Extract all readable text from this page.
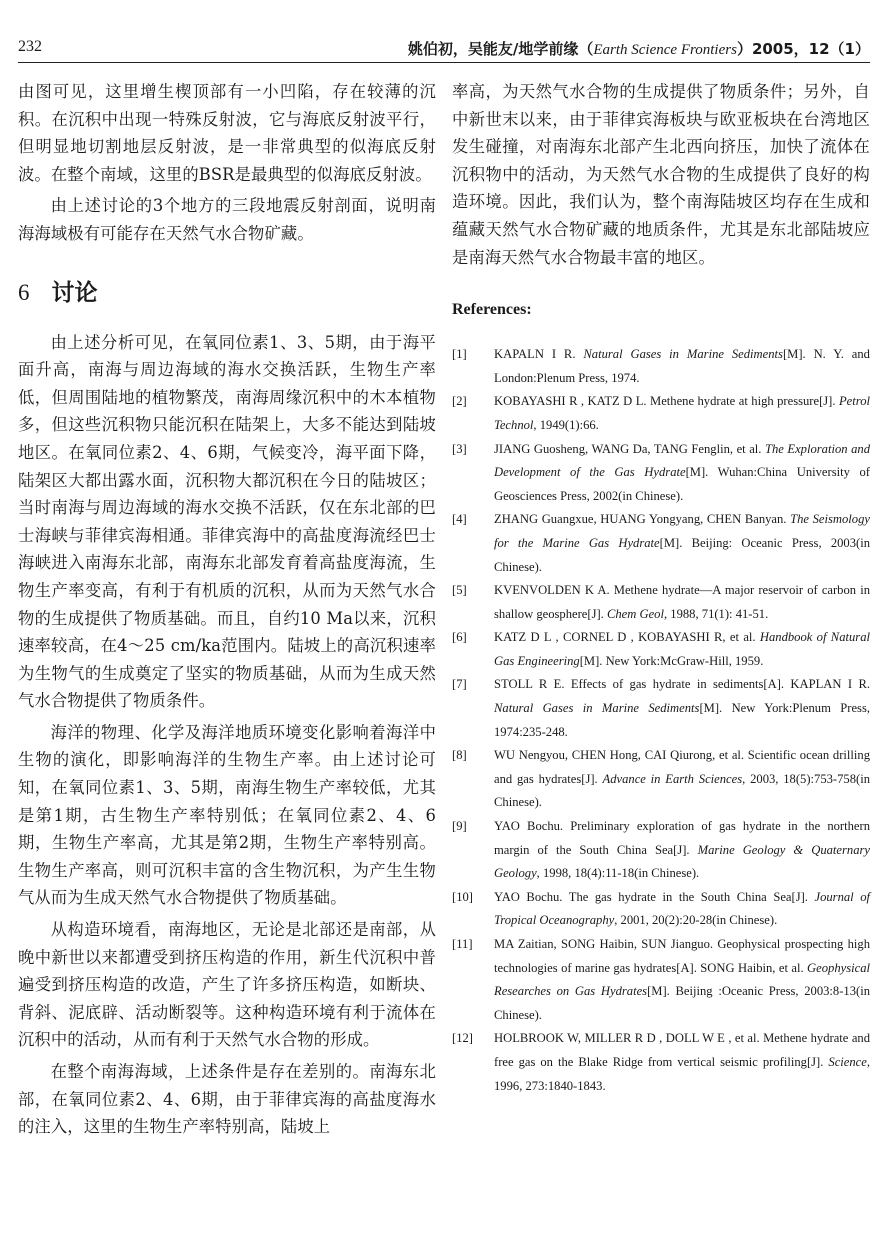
232	姚伯初，吴能友/地学前缘（Earth Science Frontiers）2005，12（1）

由图可见，这里增生楔顶部有一小凹陷，存在较薄的沉积。在沉积中出现一特殊反射波，它与海底反射波平行，但明显地切割地层反射波，是一非常典型的似海底反射波。在整个南域，这里的BSR是最典型的似海底反射波。

由上述讨论的3个地方的三段地震反射剖面，说明南海海域极有可能存在天然气水合物矿藏。

6 讨论

由上述分析可见，在氧同位素1、3、5期，由于海平面升高，南海与周边海域的海水交换活跃，生物生产率低，但周围陆地的植物繁茂，南海周缘沉积中的木本植物多，但这些沉积物只能沉积在陆架上，大多不能达到陆坡地区。在氧同位素2、4、6期，气候变冷，海平面下降，陆架区大都出露水面，沉积物大都沉积在今日的陆坡区；当时南海与周边海域的海水交换不活跃，仅在东北部的巴士海峡与菲律宾海相通。菲律宾海中的高盐度海流经巴士海峡进入南海东北部，南海东北部发育着高盐度海流，生物生产率变高，有利于有机质的沉积，从而为天然气水合物的生成提供了物质基础。而且，自约10 Ma以来，沉积速率较高，在4～25 cm/ka范围内。陆坡上的高沉积速率为生物气的生成奠定了坚实的物质基础，从而为生成天然气水合物提供了物质条件。

海洋的物理、化学及海洋地质环境变化影响着海洋中生物的演化，即影响海洋的生物生产率。由上述讨论可知，在氧同位素1、3、5期，南海生物生产率较低，尤其是第1期，古生物生产率特别低；在氧同位素2、4、6期，生物生产率高，尤其是第2期，生物生产率特别高。生物生产率高，则可沉积丰富的含生物沉积，为产生生物气从而为生成天然气水合物提供了物质基础。

从构造环境看，南海地区，无论是北部还是南部，从晚中新世以来都遭受到挤压构造的作用，新生代沉积中普遍受到挤压构造的改造，产生了许多挤压构造，如断块、背斜、泥底辟、活动断裂等。这种构造环境有利于流体在沉积中的活动，从而有利于天然气水合物的形成。

在整个南海海域，上述条件是存在差别的。南海东北部，在氧同位素2、4、6期，由于菲律宾海的高盐度海水的注入，这里的生物生产率特别高，陆坡上

率高，为天然气水合物的生成提供了物质条件；另外，自中新世末以来，由于菲律宾海板块与欧亚板块在台湾地区发生碰撞，对南海东北部产生北西向挤压，加快了流体在沉积物中的活动，为天然气水合物的生成提供了良好的构造环境。因此，我们认为，整个南海陆坡区均存在生成和蕴藏天然气水合物矿藏的地质条件，尤其是东北部陆坡应是南海天然气水合物最丰富的地区。

References:
[1]	KAPALN I R. Natural Gases in Marine Sediments[M]. N. Y. and London:Plenum Press, 1974.
[2]	KOBAYASHI R , KATZ D L. Methene hydrate at high pressure[J]. Petrol Technol, 1949(1):66.
[3]	JIANG Guosheng, WANG Da, TANG Fenglin, et al. The Exploration and Development of the Gas Hydrate[M]. Wuhan:China University of Geosciences Press, 2002(in Chinese).
[4]	ZHANG Guangxue, HUANG Yongyang, CHEN Banyan. The Seismology for the Marine Gas Hydrate[M]. Beijing: Oceanic Press, 2003(in Chinese).
[5]	KVENVOLDEN K A. Methene hydrate—A major reservoir of carbon in shallow geosphere[J]. Chem Geol, 1988, 71(1): 41-51.
[6]	KATZ D L , CORNEL D , KOBAYASHI R, et al. Handbook of Natural Gas Engineering[M]. New York:McGraw-Hill, 1959.
[7]	STOLL R E. Effects of gas hydrate in sediments[A]. KAPLAN I R. Natural Gases in Marine Sediments[M]. New York:Plenum Press, 1974:235-248.
[8]	WU Nengyou, CHEN Hong, CAI Qiurong, et al. Scientific ocean drilling and gas hydrates[J]. Advance in Earth Sciences, 2003, 18(5):753-758(in Chinese).
[9]	YAO Bochu. Preliminary exploration of gas hydrate in the northern margin of the South China Sea[J]. Marine Geology & Quaternary Geology, 1998, 18(4):11-18(in Chinese).
[10]	YAO Bochu. The gas hydrate in the South China Sea[J]. Journal of Tropical Oceanography, 2001, 20(2):20-28(in Chinese).
[11]	MA Zaitian, SONG Haibin, SUN Jianguo. Geophysical prospecting high technologies of marine gas hydrates[A]. SONG Haibin, et al. Geophysical Researches on Gas Hydrates[M]. Beijing :Oceanic Press, 2003:8-13(in Chinese).
[12]	HOLBROOK W, MILLER R D , DOLL W E , et al. Methene hydrate and free gas on the Blake Ridge from vertical seismic profiling[J]. Science, 1996, 273:1840-1843.
